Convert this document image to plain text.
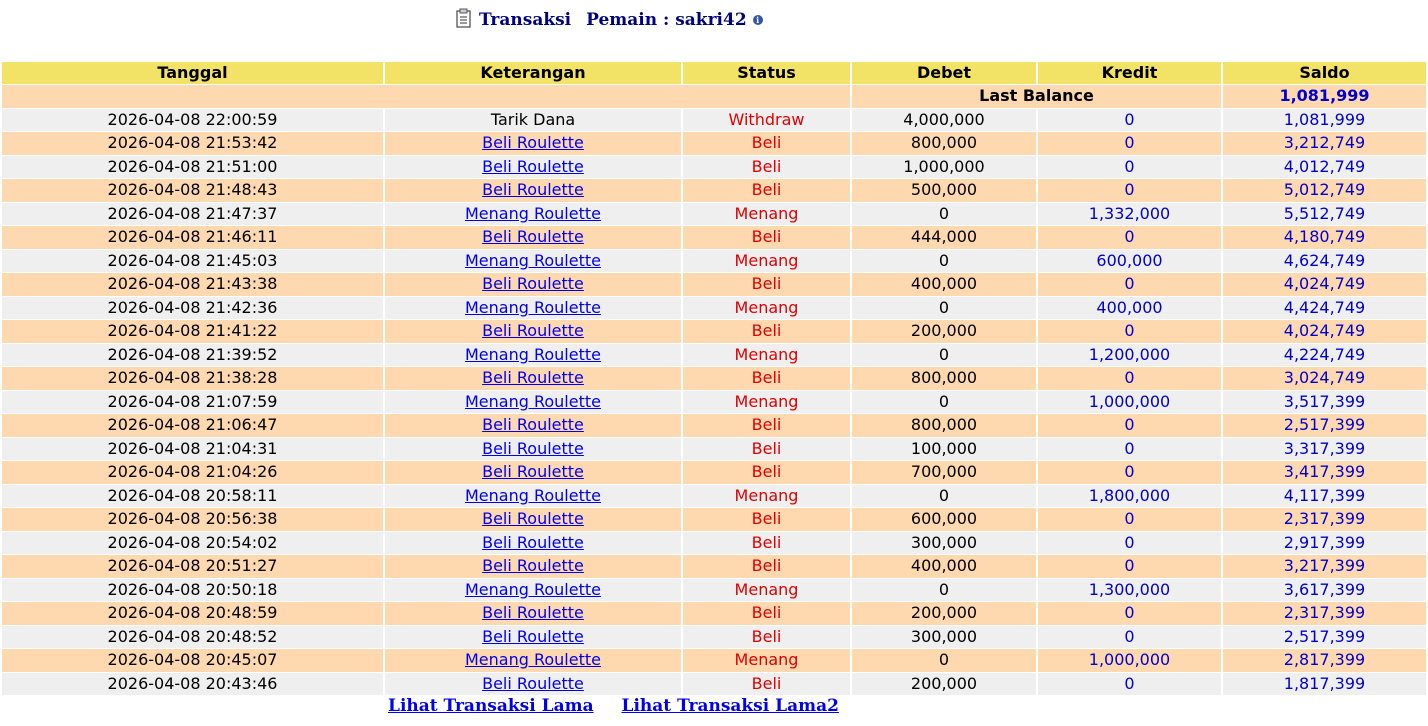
Transaksi Pemain : sakri42	i
Tanggal	Keterangan	Status	Debet	Kredit	Saldo
			Last Balance		1,081,999
2026-04-08 22:00:59	Tarik Dana	Withdraw	4,000,000	0	1,081,999
2026-04-08 21:53:42	Beli Roulette	Beli	800,000	0	3,212,749
2026-04-08 21:51:00	Beli Roulette	Beli	1,000,000	0	4,012,749
2026-04-08 21:48:43	Beli Roulette	Beli	500,000	0	5,012,749
2026-04-08 21:47:37	Menang Roulette	Menang	0	1,332,000	5,512,749
2026-04-08 21:46:11	Beli Roulette	Beli	444,000	0	4,180,749
2026-04-08 21:45:03	Menang Roulette	Menang	0	600,000	4,624,749
2026-04-08 21:43:38	Beli Roulette	Beli	400,000	0	4,024,749
2026-04-08 21:42:36	Menang Roulette	Menang	0	400,000	4,424,749
2026-04-08 21:41:22	Beli Roulette	Beli	200,000	0	4,024,749
2026-04-08 21:39:52	Menang Roulette	Menang	0	1,200,000	4,224,749
2026-04-08 21:38:28	Beli Roulette	Beli	800,000	0	3,024,749
2026-04-08 21:07:59	Menang Roulette	Menang	0	1,000,000	3,517,399
2026-04-08 21:06:47	Beli Roulette	Beli	800,000	0	2,517,399
2026-04-08 21:04:31	Beli Roulette	Beli	100,000	0	3,317,399
2026-04-08 21:04:26	Beli Roulette	Beli	700,000	0	3,417,399
2026-04-08 20:58:11	Menang Roulette	Menang	0	1,800,000	4,117,399
2026-04-08 20:56:38	Beli Roulette	Beli	600,000	0	2,317,399
2026-04-08 20:54:02	Beli Roulette	Beli	300,000	0	2,917,399
2026-04-08 20:51:27	Beli Roulette	Beli	400,000	0	3,217,399
2026-04-08 20:50:18	Menang Roulette	Menang	0	1,300,000	3,617,399
2026-04-08 20:48:59	Beli Roulette	Beli	200,000	0	2,317,399
2026-04-08 20:48:52	Beli Roulette	Beli	300,000	0	2,517,399
2026-04-08 20:45:07	Menang Roulette	Menang	0	1,000,000	2,817,399
2026-04-08 20:43:46	Beli Roulette	Beli	200,000	0	1,817,399
Lihat Transaksi Lama Lihat Transaksi Lama2
